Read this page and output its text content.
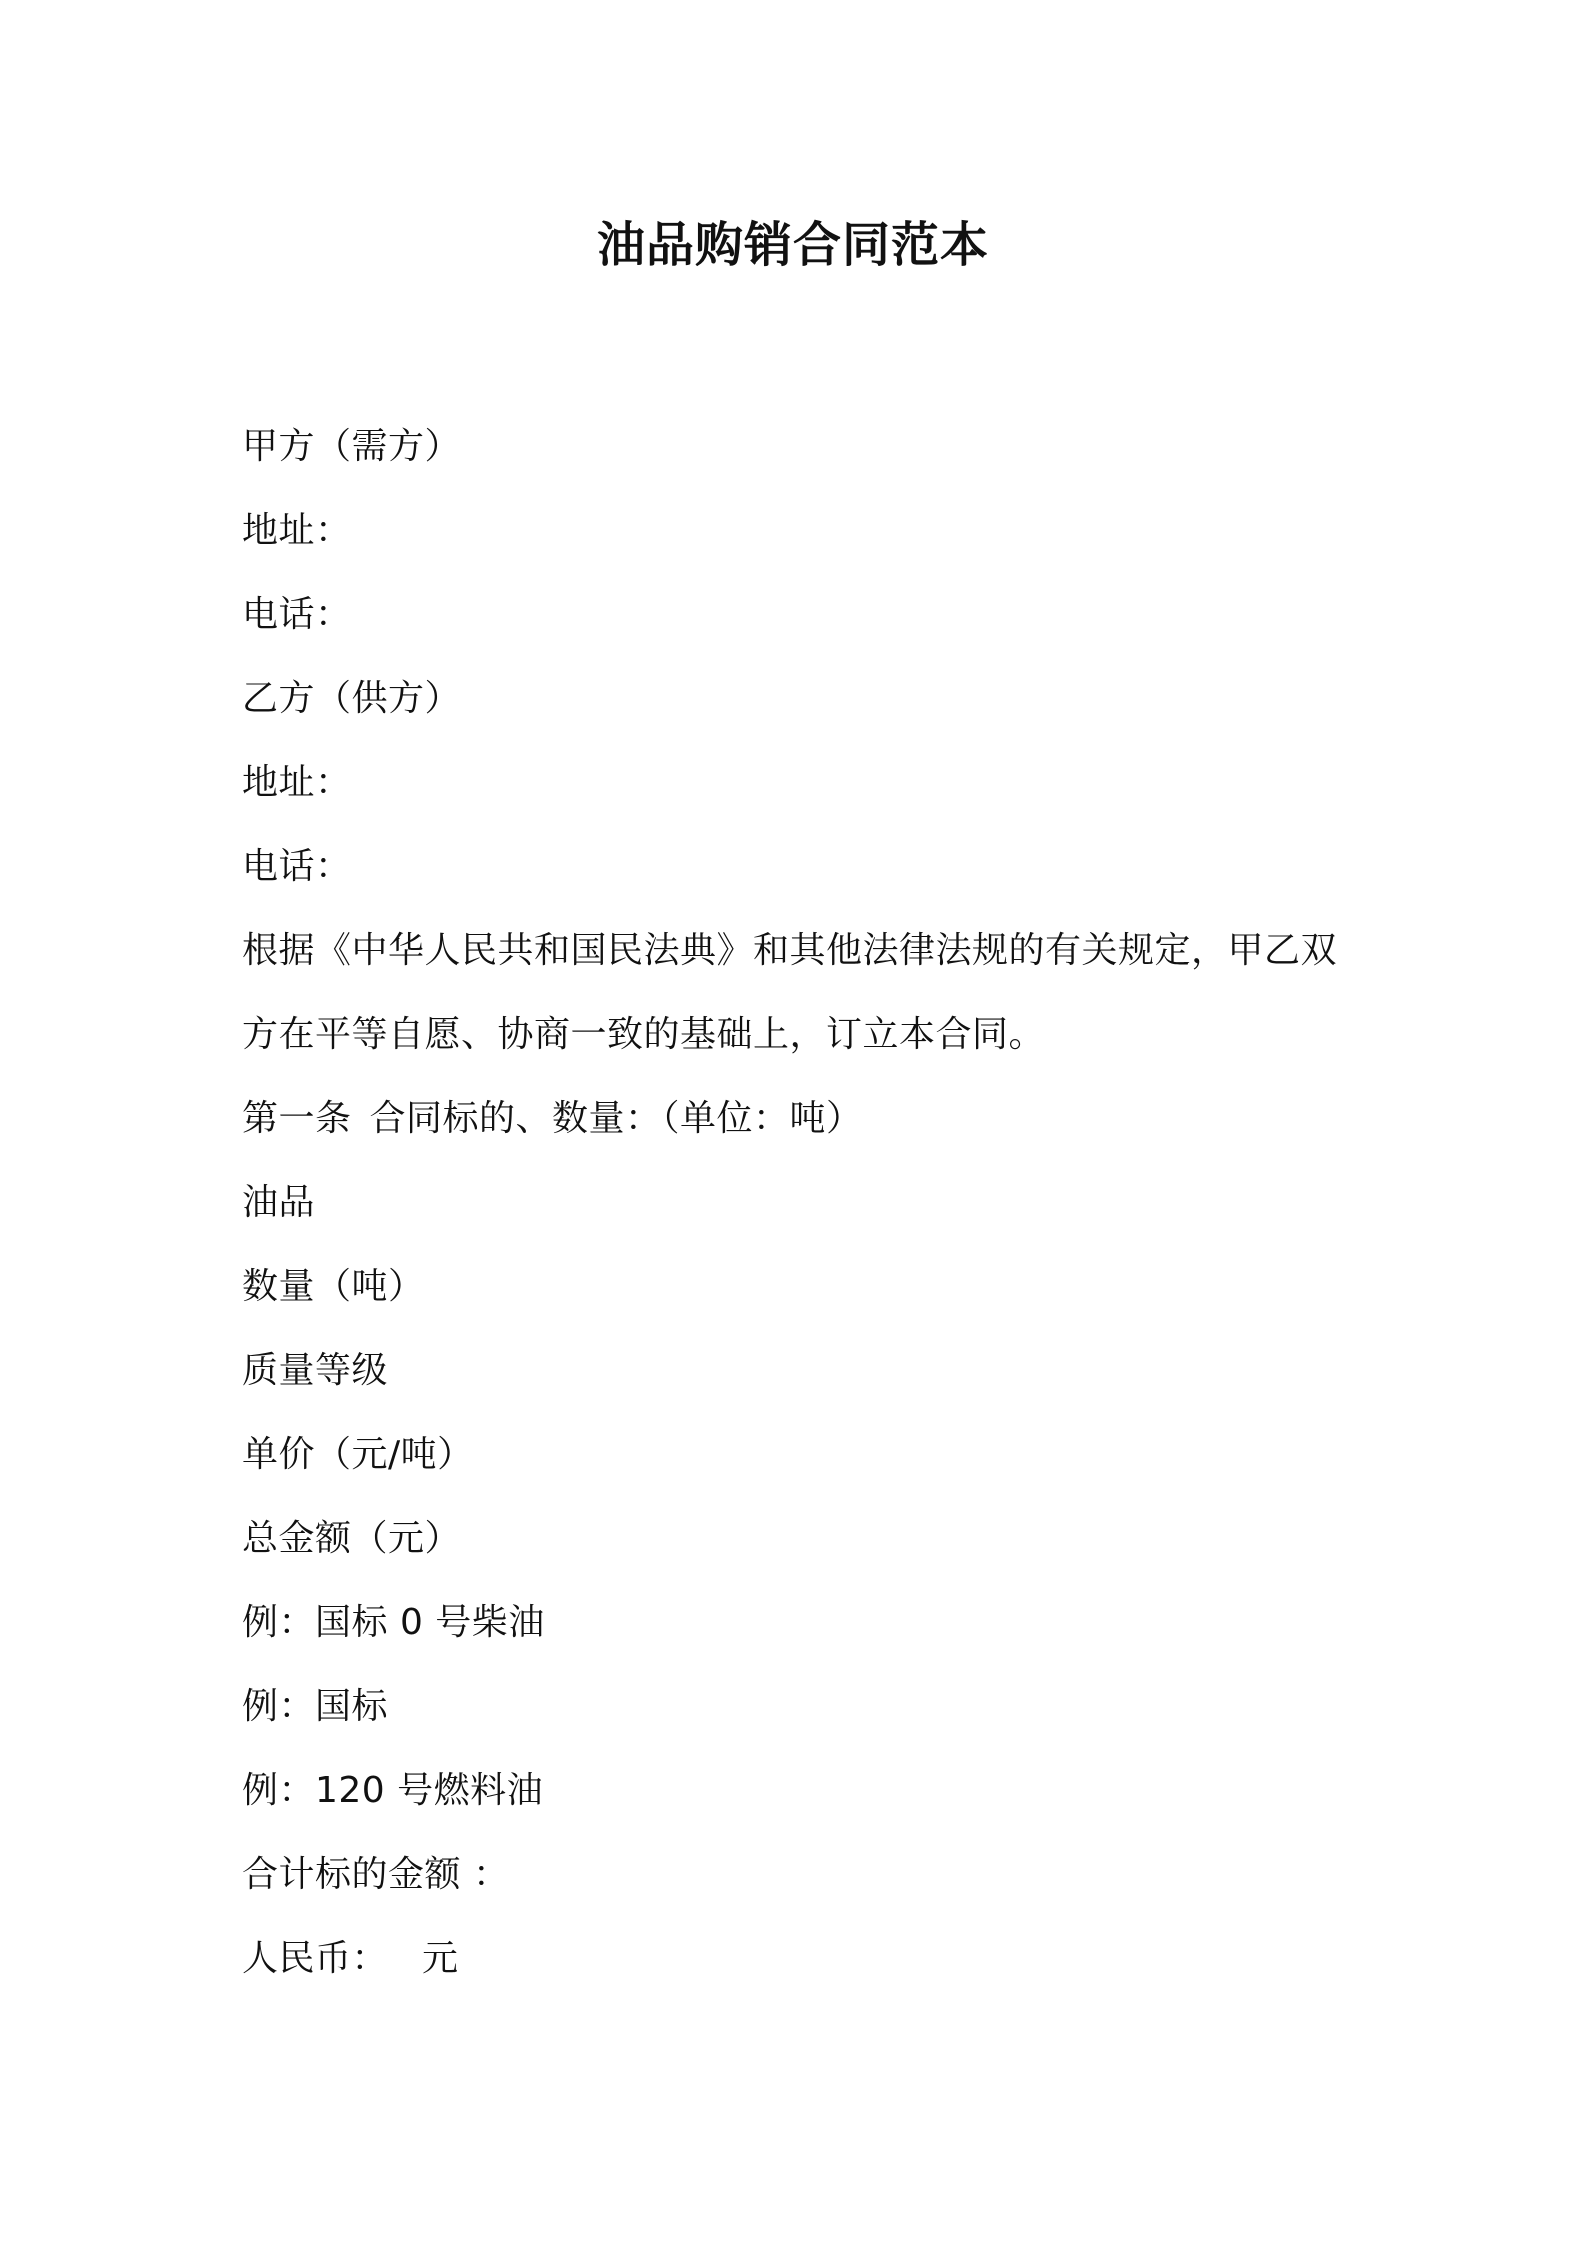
油品购销合同范本
甲方（需方）
地址：
电话：
乙方（供方）
地址：
电话：
根据《中华人民共和国民法典》和其他法律法规的有关规定，甲乙双
方在平等自愿、协商一致的基础上，订立本合同。
第一条 合同标的、数量：（单位：吨）
油品
数量（吨）
质量等级
单价（元/吨）
总金额（元）
例：国标 0 号柴油
例：国标
例：120 号燃料油
合计标的金额 ：
人民币： 元
